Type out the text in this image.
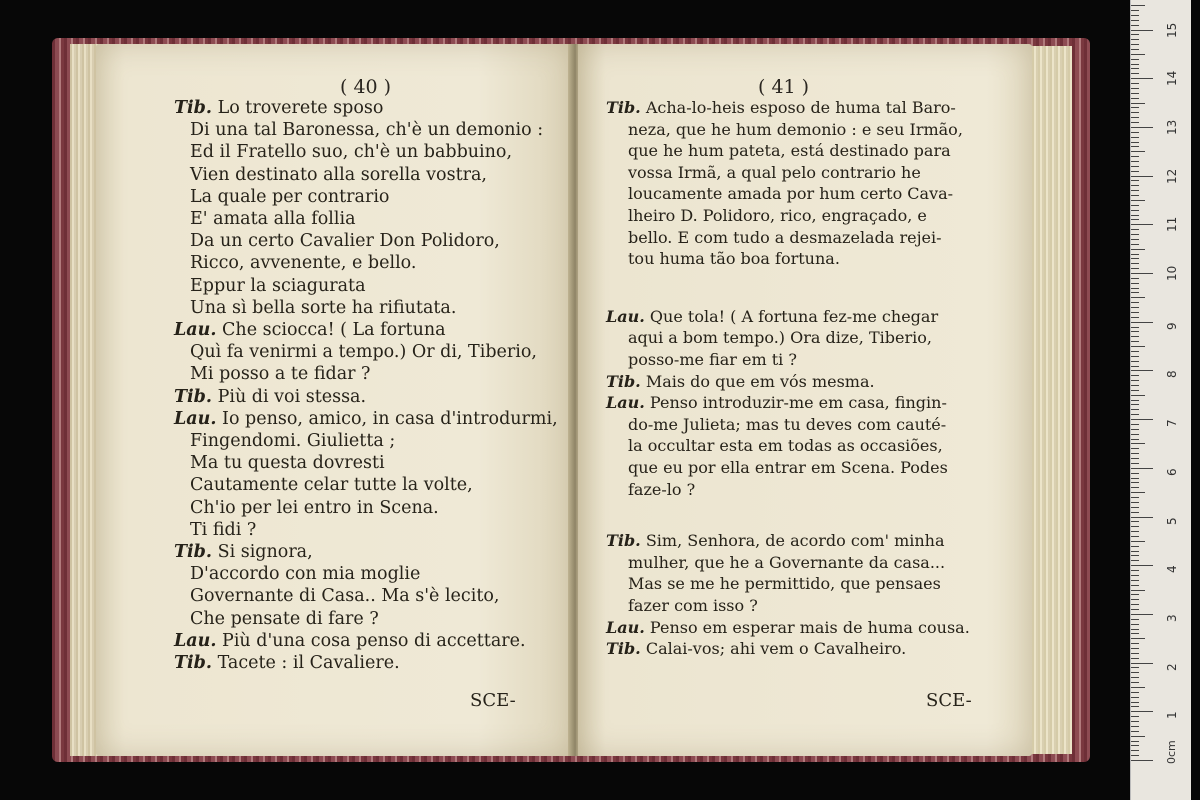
( 40 )
Tib. Lo troverete sposo
Di una tal Baronessa, ch'è un demonio :
Ed il Fratello suo, ch'è un babbuino,
Vien destinato alla sorella vostra,
La quale per contrario
E' amata alla follia
Da un certo Cavalier Don Polidoro,
Ricco, avvenente, e bello.
Eppur la sciagurata
Una sì bella sorte ha rifiutata.
Lau. Che sciocca! ( La fortuna
Quì fa venirmi a tempo.) Or di, Tiberio,
Mi posso a te fidar ?
Tib. Più di voi stessa.
Lau. Io penso, amico, in casa d'introdurmi,
Fingendomi. Giulietta ;
Ma tu questa dovresti
Cautamente celar tutte la volte,
Ch'io per lei entro in Scena.
Ti fidi ?
Tib. Si signora,
D'accordo con mia moglie
Governante di Casa.. Ma s'è lecito,
Che pensate di fare ?
Lau. Più d'una cosa penso di accettare.
Tib. Tacete : il Cavaliere.
SCE-
( 41 )
Tib. Acha-lo-heis esposo de huma tal Baro-
neza, que he hum demonio : e seu Irmão,
que he hum pateta, está destinado para
vossa Irmã, a qual pelo contrario he
loucamente amada por hum certo Cava-
lheiro D. Polidoro, rico, engraçado, e
bello. E com tudo a desmazelada rejei-
tou huma tão boa fortuna.
Lau. Que tola! ( A fortuna fez-me chegar
aqui a bom tempo.) Ora dize, Tiberio,
posso-me fiar em ti ?
Tib. Mais do que em vós mesma.
Lau. Penso introduzir-me em casa, fingin-
do-me Julieta; mas tu deves com cauté-
la occultar esta em todas as occasiões,
que eu por ella entrar em Scena. Podes
faze-lo ?
Tib. Sim, Senhora, de acordo com' minha
mulher, que he a Governante da casa...
Mas se me he permittido, que pensaes
fazer com isso ?
Lau. Penso em esperar mais de huma cousa.
Tib. Calai-vos; ahi vem o Cavalheiro.
SCE-
1
2
3
4
5
6
7
8
9
10
11
12
13
14
15
0cm
